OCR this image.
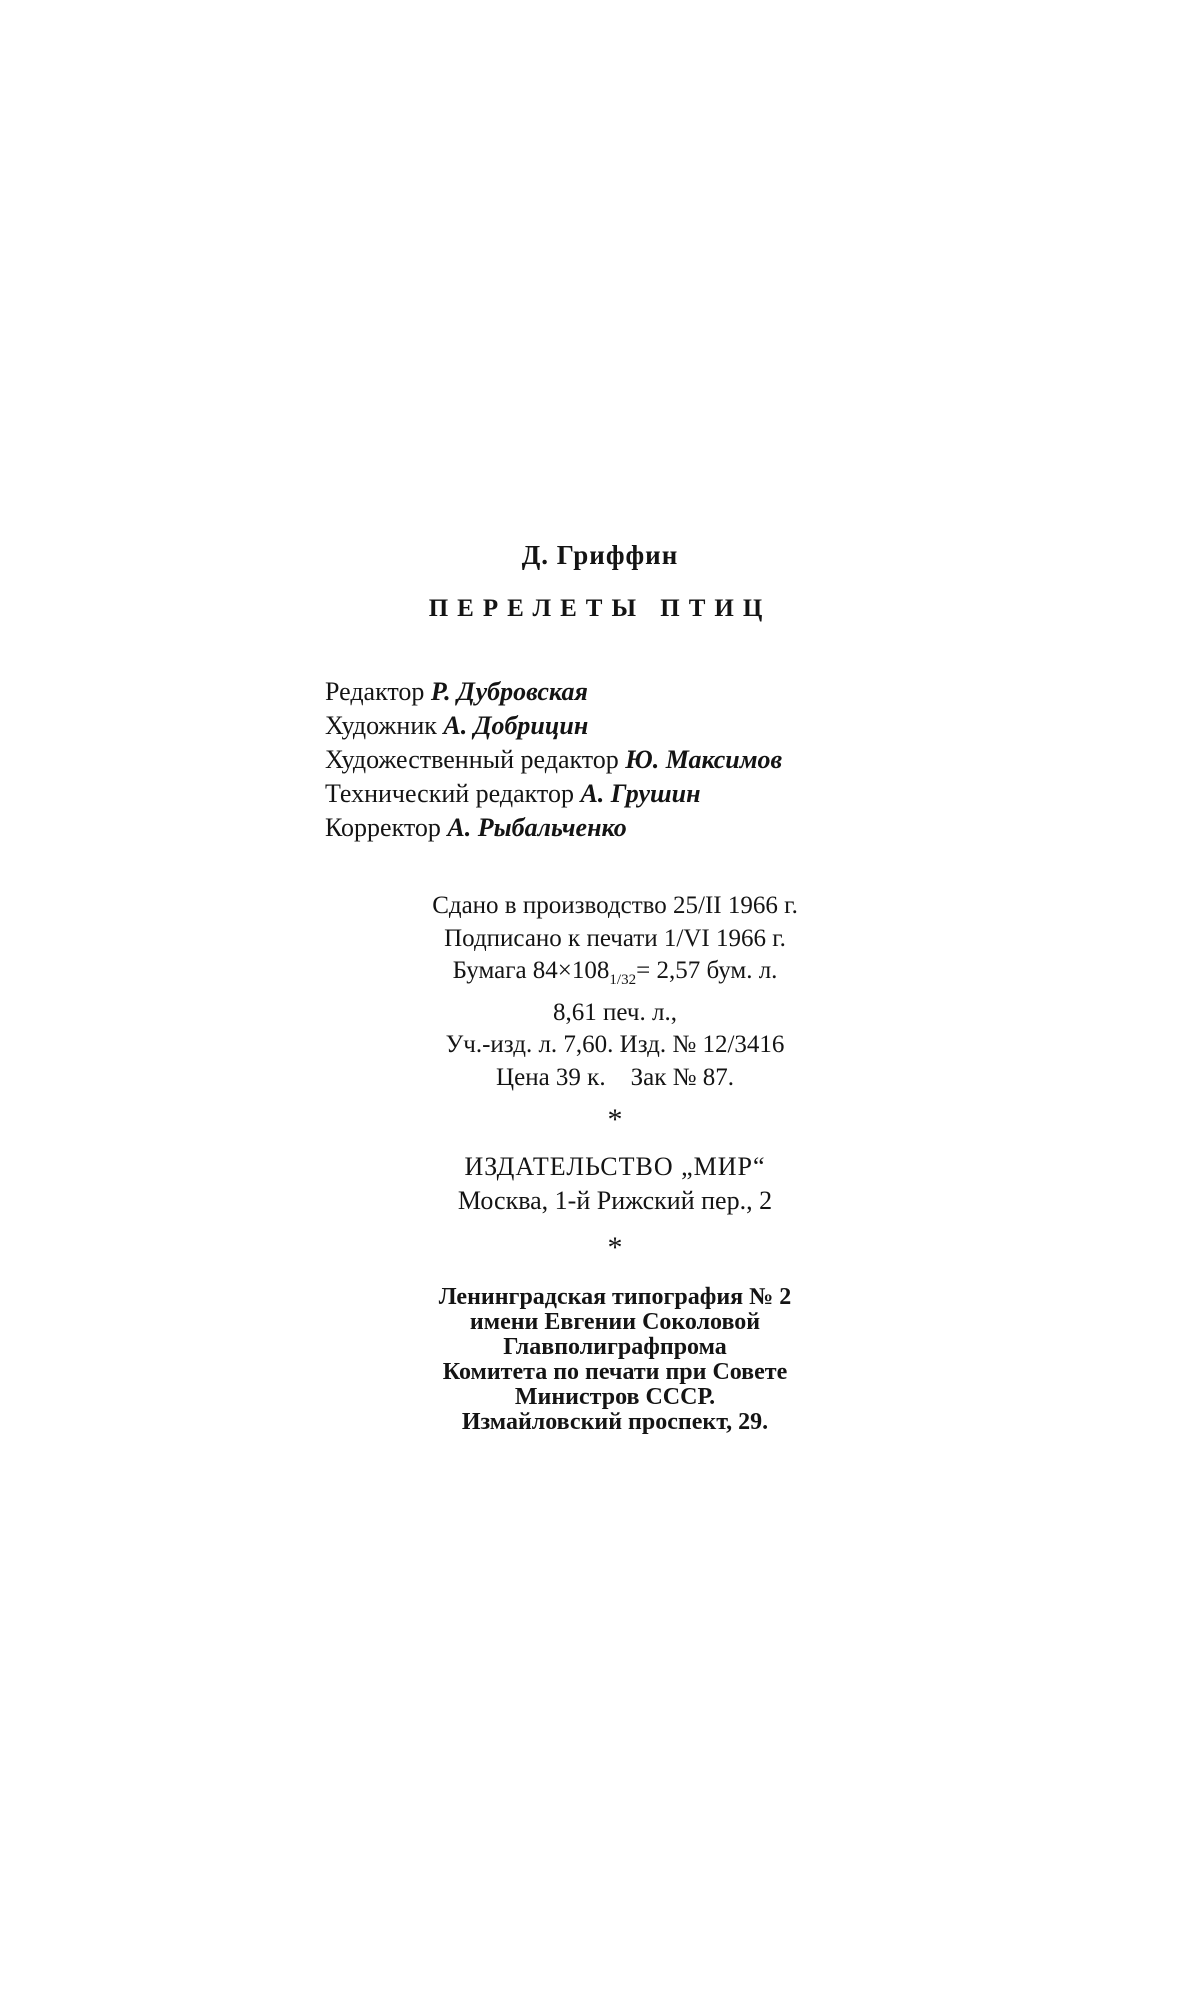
Д. Гриффин
ПЕРЕЛЕТЫ ПТИЦ
Редактор Р. Дубровская
Художник А. Добрицин
Художественный редактор Ю. Максимов
Технический редактор А. Грушин
Корректор А. Рыбальченко
Сдано в производство 25/II 1966 г.
Подписано к печати 1/VI 1966 г.
Бумага $84\times 108_{1/32}= 2,57$ бум. л.
8,61 печ. л.,
Уч.-изд. л. 7,60. Изд. № 12/3416
Цена 39 к.    Зак № 87.
*
ИЗДАТЕЛЬСТВО „МИР“
Москва, 1-й Рижский пер., 2
*
Ленинградская типография № 2
имени Евгении Соколовой
Главполиграфпрома
Комитета по печати при Совете
Министров СССР.
Измайловский проспект, 29.
